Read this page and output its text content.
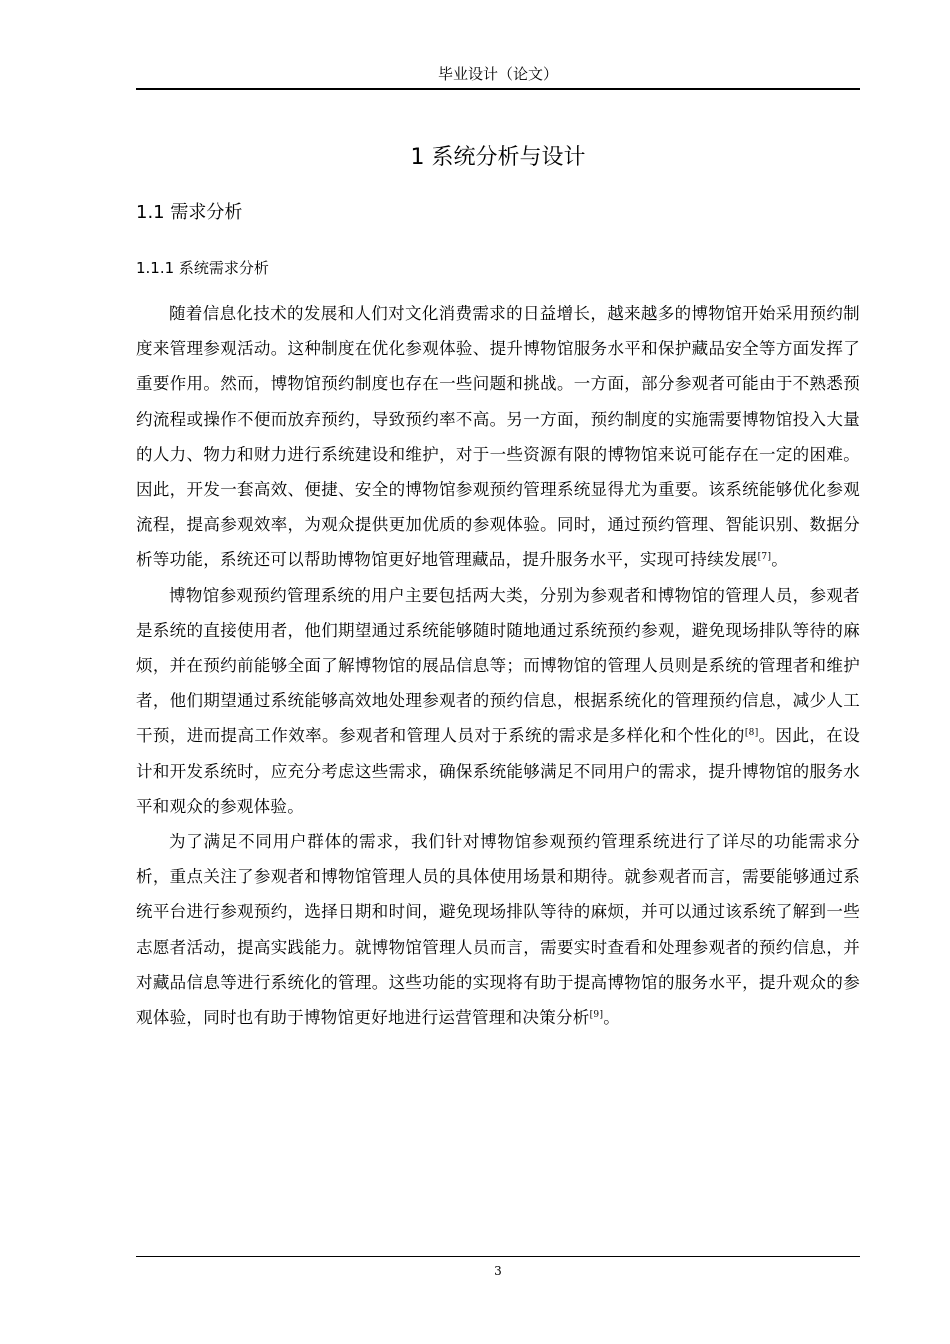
毕业设计（论文）
1 系统分析与设计
1.1 需求分析
1.1.1 系统需求分析

随着信息化技术的发展和人们对文化消费需求的日益增长，越来越多的博物馆开始采用预约制度来管理参观活动。这种制度在优化参观体验、提升博物馆服务水平和保护藏品安全等方面发挥了重要作用。然而，博物馆预约制度也存在一些问题和挑战。一方面，部分参观者可能由于不熟悉预约流程或操作不便而放弃预约，导致预约率不高。另一方面，预约制度的实施需要博物馆投入大量的人力、物力和财力进行系统建设和维护，对于一些资源有限的博物馆来说可能存在一定的困难。因此，开发一套高效、便捷、安全的博物馆参观预约管理系统显得尤为重要。该系统能够优化参观流程，提高参观效率，为观众提供更加优质的参观体验。同时，通过预约管理、智能识别、数据分析等功能，系统还可以帮助博物馆更好地管理藏品，提升服务水平，实现可持续发展[7]。

博物馆参观预约管理系统的用户主要包括两大类，分别为参观者和博物馆的管理人员，参观者是系统的直接使用者，他们期望通过系统能够随时随地通过系统预约参观，避免现场排队等待的麻烦，并在预约前能够全面了解博物馆的展品信息等；而博物馆的管理人员则是系统的管理者和维护者，他们期望通过系统能够高效地处理参观者的预约信息，根据系统化的管理预约信息，减少人工干预，进而提高工作效率。参观者和管理人员对于系统的需求是多样化和个性化的[8]。因此，在设计和开发系统时，应充分考虑这些需求，确保系统能够满足不同用户的需求，提升博物馆的服务水平和观众的参观体验。

为了满足不同用户群体的需求，我们针对博物馆参观预约管理系统进行了详尽的功能需求分析，重点关注了参观者和博物馆管理人员的具体使用场景和期待。就参观者而言，需要能够通过系统平台进行参观预约，选择日期和时间，避免现场排队等待的麻烦，并可以通过该系统了解到一些志愿者活动，提高实践能力。就博物馆管理人员而言，需要实时查看和处理参观者的预约信息，并对藏品信息等进行系统化的管理。这些功能的实现将有助于提高博物馆的服务水平，提升观众的参观体验，同时也有助于博物馆更好地进行运营管理和决策分析[9]。

3
